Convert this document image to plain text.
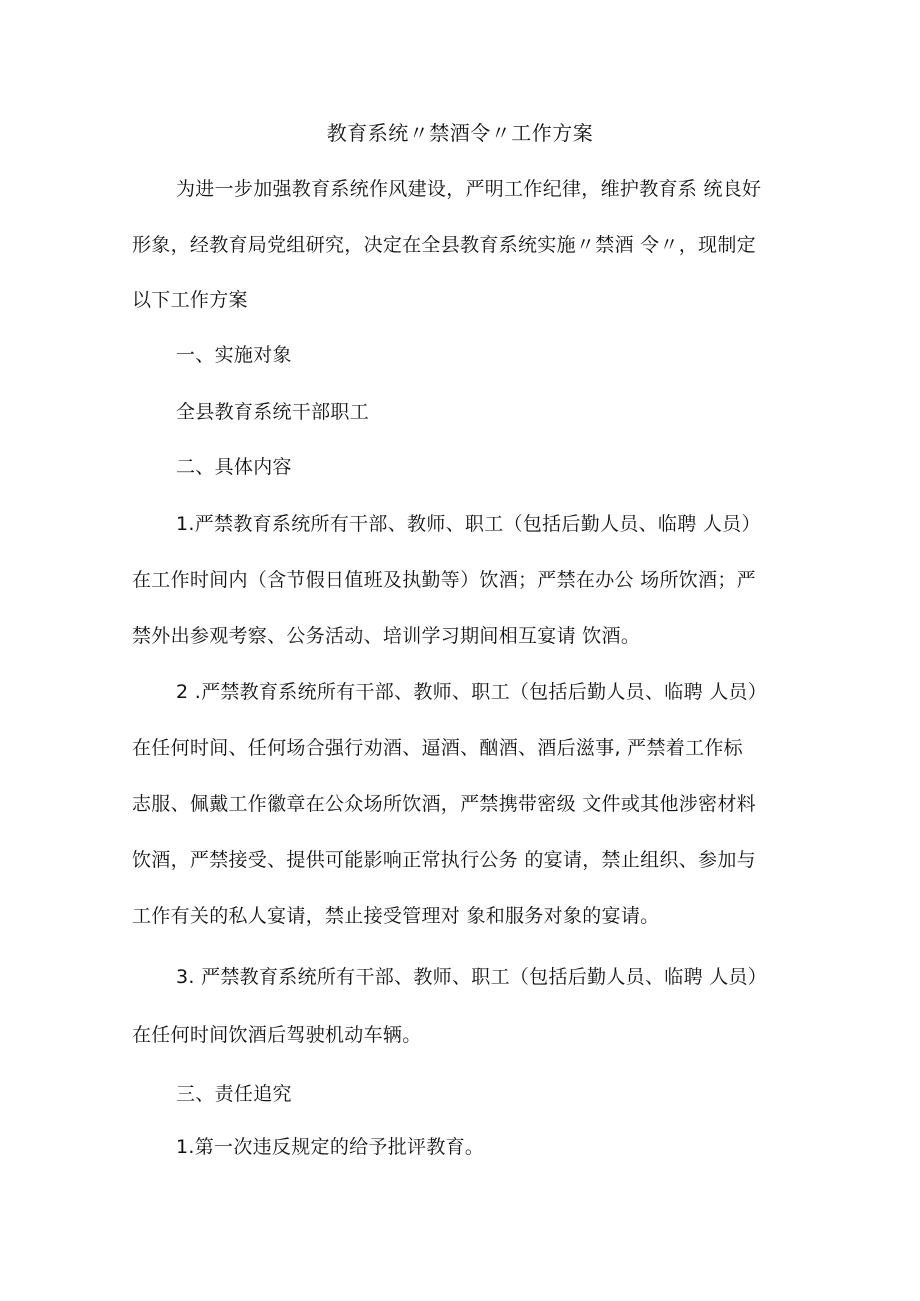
教育系统〃禁酒令〃工作方案
为进一步加强教育系统作风建设，严明工作纪律，维护教育系 统良好
形象，经教育局党组研究，决定在全县教育系统实施〃禁酒 令〃，现制定
以下工作方案
一、实施对象
全县教育系统干部职工
二、具体内容
1.严禁教育系统所有干部、教师、职工（包括后勤人员、临聘 人员）
在工作时间内（含节假日值班及执勤等）饮酒；严禁在办公 场所饮酒；严
禁外出参观考察、公务活动、培训学习期间相互宴请 饮酒。
2 .严禁教育系统所有干部、教师、职工（包括后勤人员、临聘 人员）
在任何时间、任何场合强行劝酒、逼酒、酗酒、酒后滋事, 严禁着工作标
志服、佩戴工作徽章在公众场所饮酒，严禁携带密级 文件或其他涉密材料
饮酒，严禁接受、提供可能影响正常执行公务 的宴请，禁止组织、参加与
工作有关的私人宴请，禁止接受管理对 象和服务对象的宴请。
3. 严禁教育系统所有干部、教师、职工（包括后勤人员、临聘 人员）
在任何时间饮酒后驾驶机动车辆。
三、责任追究
1.第一次违反规定的给予批评教育。
